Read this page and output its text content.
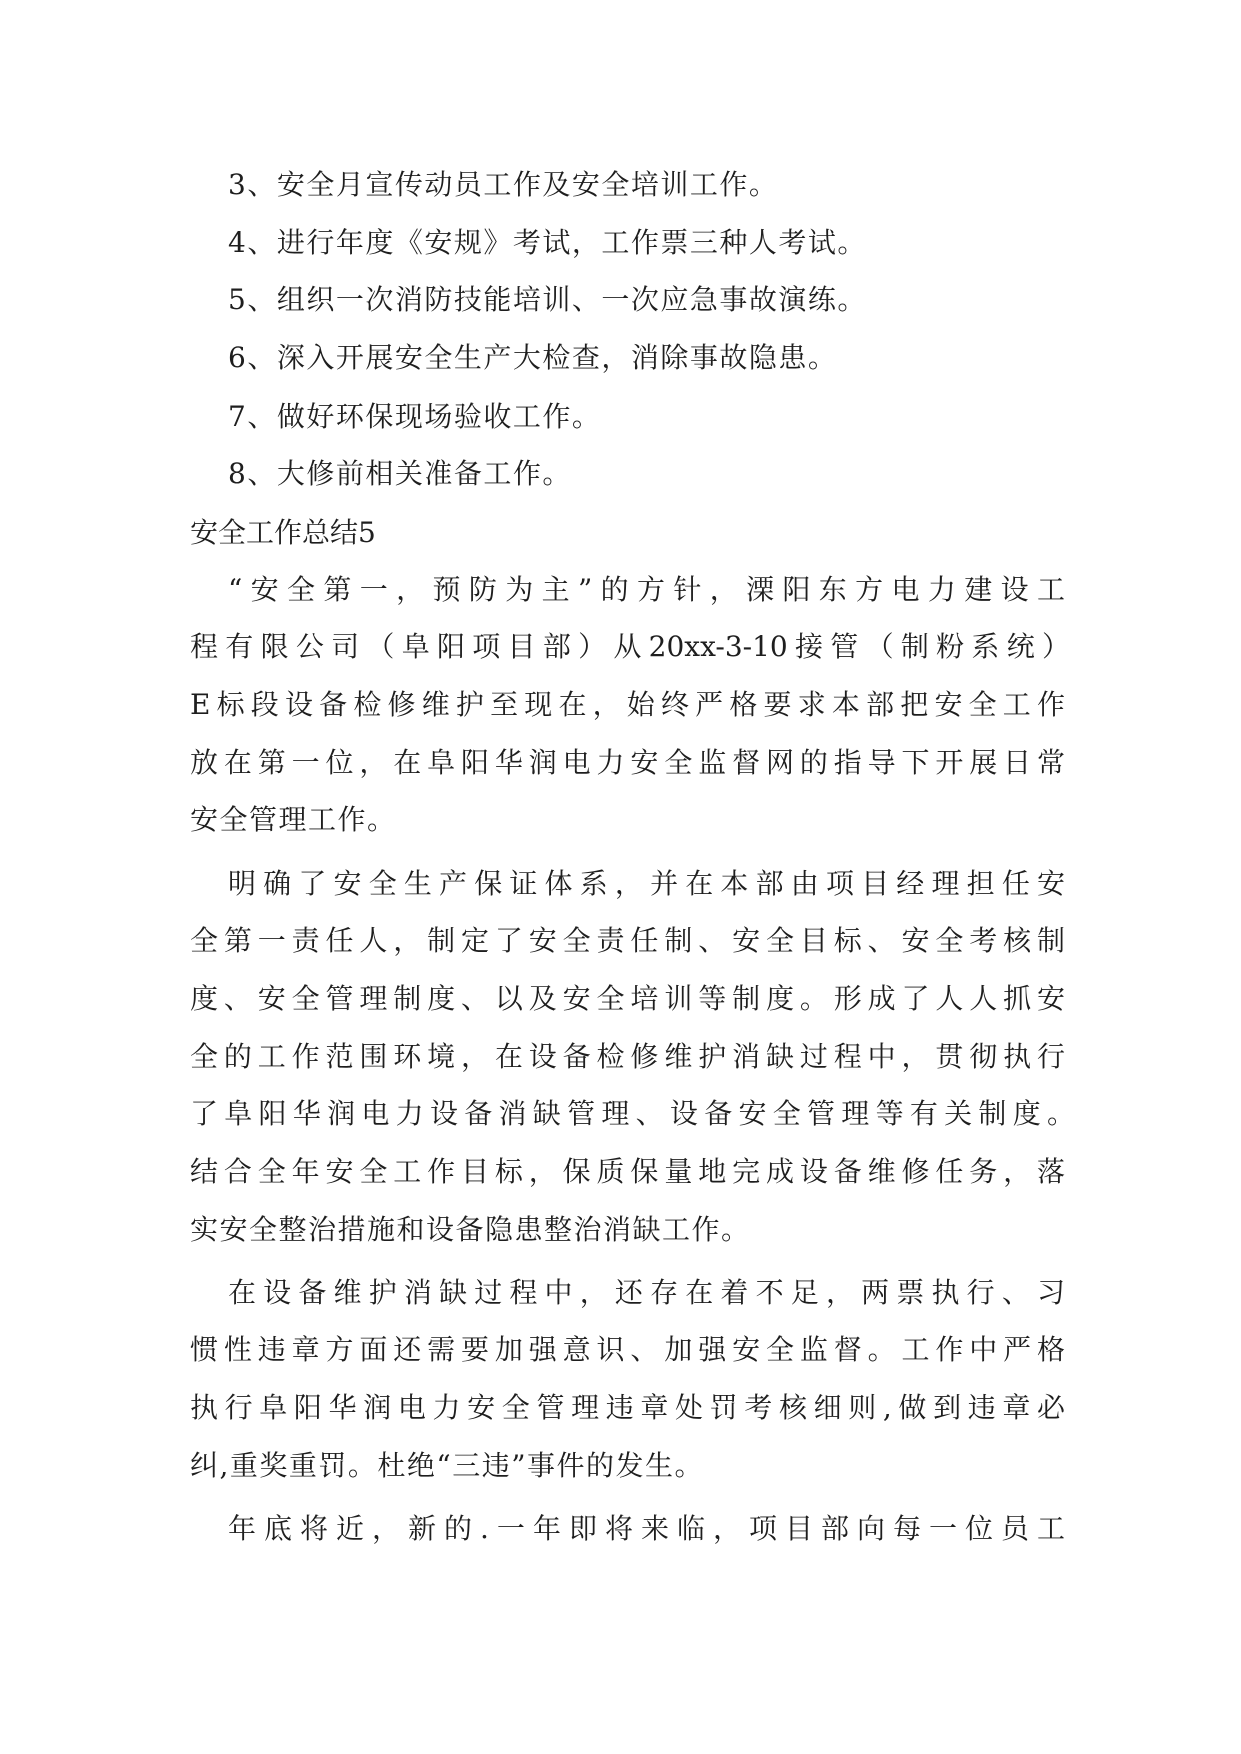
3、安全月宣传动员工作及安全培训工作。
4、进行年度《安规》考试，工作票三种人考试。
5、组织一次消防技能培训、一次应急事故演练。
6、深入开展安全生产大检查，消除事故隐患。
7、做好环保现场验收工作。
8、大修前相关准备工作。
安全工作总结5
“安全第一，预防为主”的方针，溧阳东方电力建设工
程有限公司（阜阳项目部）从20xx-3-10接管（制粉系统）
E标段设备检修维护至现在，始终严格要求本部把安全工作
放在第一位，在阜阳华润电力安全监督网的指导下开展日常
安全管理工作。
明确了安全生产保证体系，并在本部由项目经理担任安
全第一责任人，制定了安全责任制、安全目标、安全考核制
度、安全管理制度、以及安全培训等制度。形成了人人抓安
全的工作范围环境，在设备检修维护消缺过程中，贯彻执行
了阜阳华润电力设备消缺管理、设备安全管理等有关制度。
结合全年安全工作目标，保质保量地完成设备维修任务，落
实安全整治措施和设备隐患整治消缺工作。
在设备维护消缺过程中，还存在着不足，两票执行、习
惯性违章方面还需要加强意识、加强安全监督。工作中严格
执行阜阳华润电力安全管理违章处罚考核细则,做到违章必
纠,重奖重罚。杜绝“三违”事件的发生。
年底将近，新的.一年即将来临，项目部向每一位员工
